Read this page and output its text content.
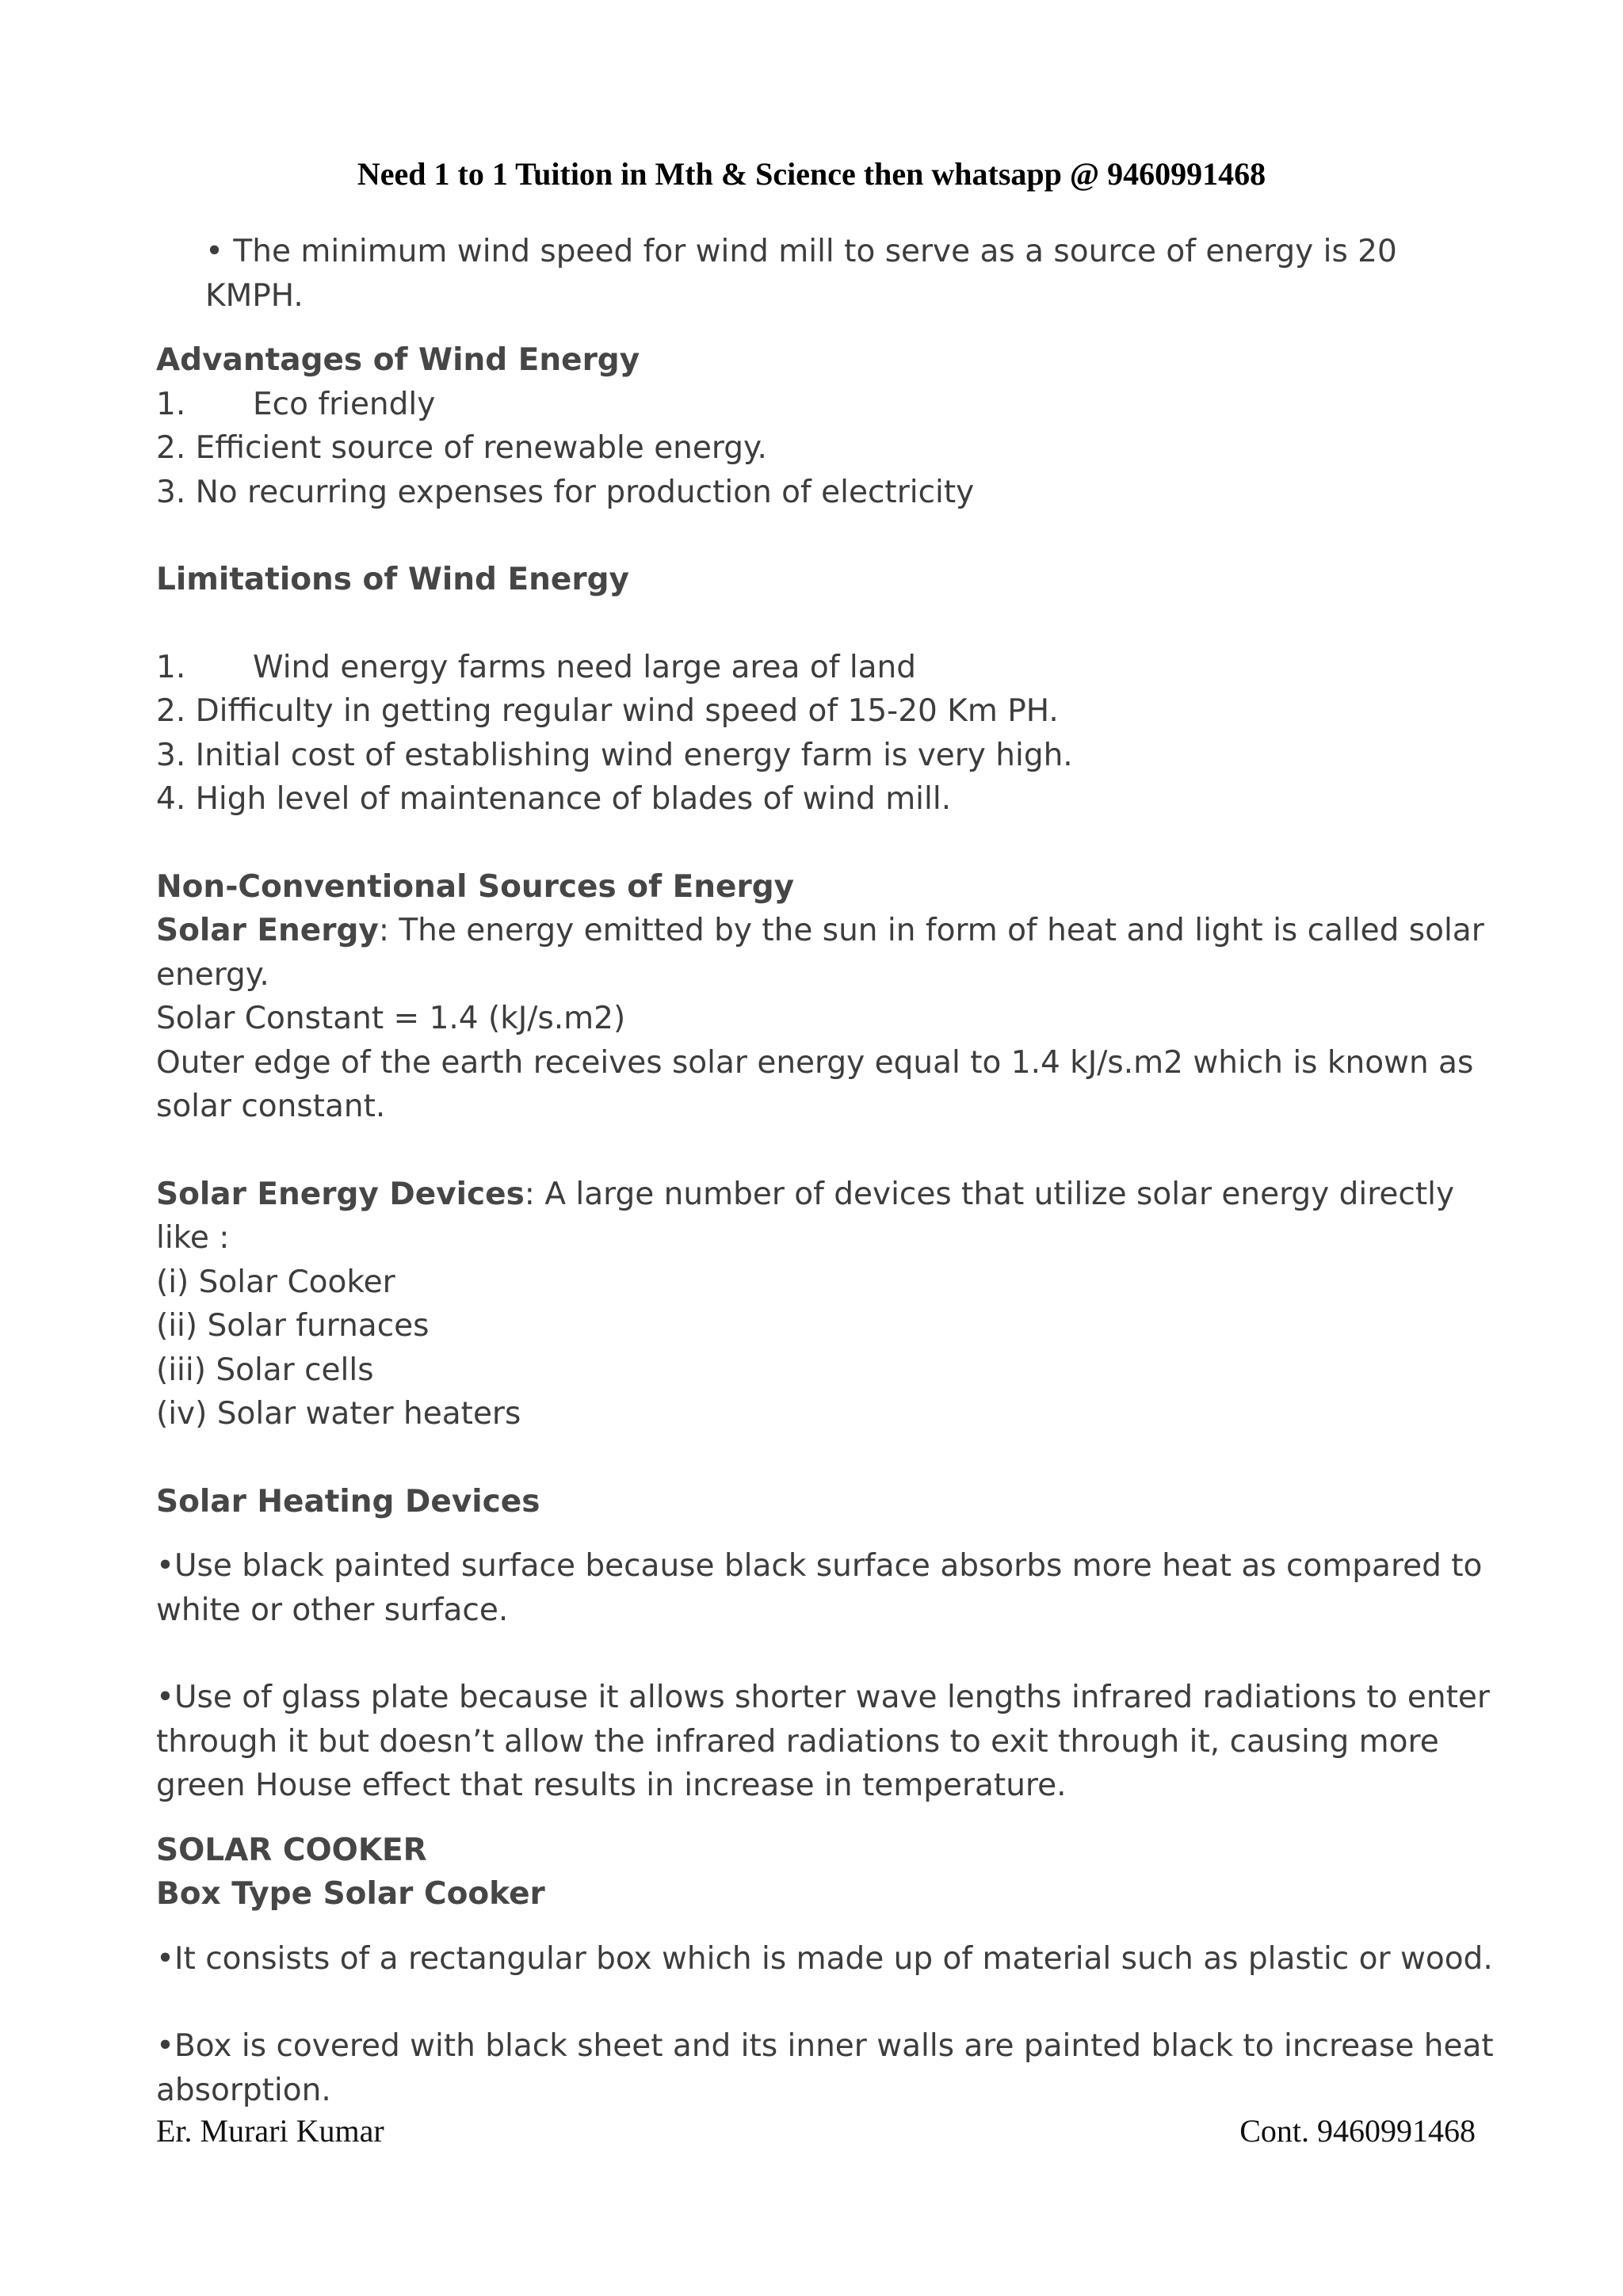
Need 1 to 1 Tuition in Mth & Science then whatsapp @ 9460991468

• The minimum wind speed for wind mill to serve as a source of energy is 20 KMPH.

Advantages of Wind Energy

1. Eco friendly

2. Efficient source of renewable energy.

3. No recurring expenses for production of electricity

Limitations of Wind Energy

1. Wind energy farms need large area of land

2. Difficulty in getting regular wind speed of 15-20 Km PH.

3. Initial cost of establishing wind energy farm is very high.

4. High level of maintenance of blades of wind mill.

Non-Conventional Sources of Energy

Solar Energy: The energy emitted by the sun in form of heat and light is called solar energy.

Solar Constant = 1.4 (kJ/s.m2)

Outer edge of the earth receives solar energy equal to 1.4 kJ/s.m2 which is known as solar constant.

Solar Energy Devices: A large number of devices that utilize solar energy directly like :

(i) Solar Cooker

(ii) Solar furnaces

(iii) Solar cells

(iv) Solar water heaters

Solar Heating Devices

•Use black painted surface because black surface absorbs more heat as compared to white or other surface.

•Use of glass plate because it allows shorter wave lengths infrared radiations to enter through it but doesn’t allow the infrared radiations to exit through it, causing more green House effect that results in increase in temperature.

SOLAR COOKER

Box Type Solar Cooker

•It consists of a rectangular box which is made up of material such as plastic or wood.

•Box is covered with black sheet and its inner walls are painted black to increase heat absorption.

Er. Murari Kumar	Cont. 9460991468
